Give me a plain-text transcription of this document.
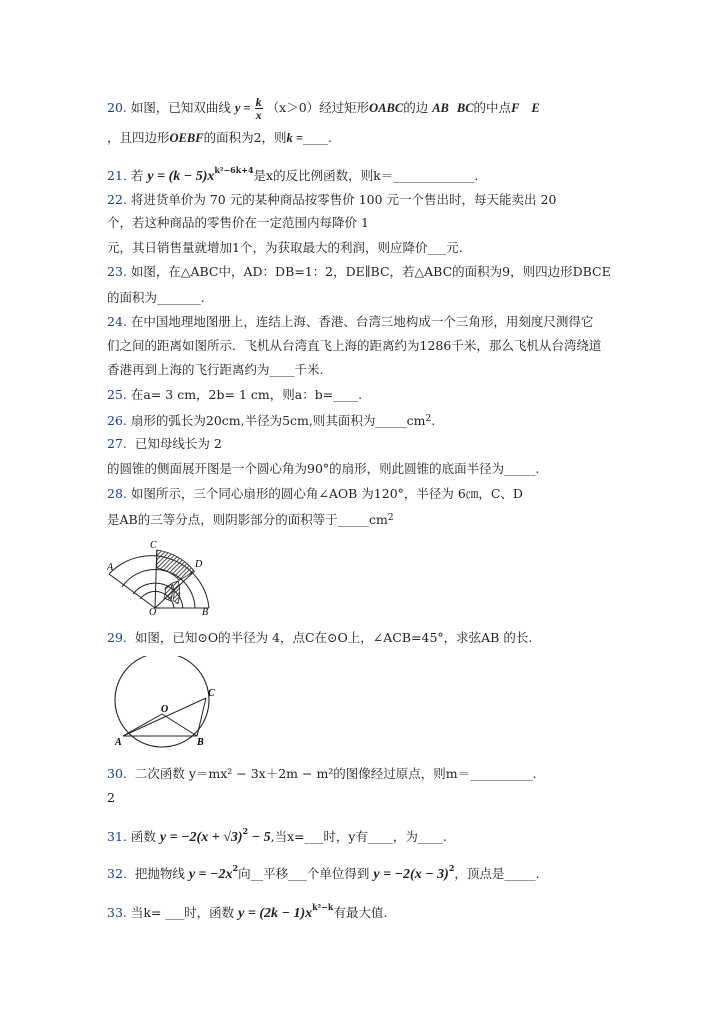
20. 如图，已知双曲线 $y = \frac{k}{x} (x>0)$经过矩形OABC的边 AB BC的中点F E
，且四边形OEBF的面积为2，则k =____.
21. 若 $y = (k - 5)x^{k^2-6k+4}$是x的反比例函数，则k＝_____________.
22. 将进货单价为 70 元的某种商品按零售价 100 元一个售出时，每天能卖出 20
个，若这种商品的零售价在一定范围内每降价 1
元，其日销售量就增加1个，为获取最大的利润，则应降价___元.
23. 如图，在△ABC中，AD：DB=1：2，DE∥BC，若△ABC的面积为9，则四边形DBCE
的面积为_______.
24. 在中国地理地图册上，连结上海、香港、台湾三地构成一个三角形，用刻度尺测得它
们之间的距离如图所示．飞机从台湾直飞上海的距离约为1286千米，那么飞机从台湾绕道
香港再到上海的飞行距离约为____千米.
25. 在a= 3 cm，2b= 1 cm，则a：b=____.
26. 扇形的弧长为20cm,半径为5cm,则其面积为$\_\_\_\_\_cm^2$.
27. 已知母线长为 2
的圆锥的侧面展开图是一个圆心角为90°的扇形，则此圆锥的底面半径为_____.
28. 如图所示，三个同心扇形的圆心角∠AOB 为120°，半径为 6㎝，C、D
是AB的三等分点，则阴影部分的面积等于$\_\_\_\_\_cm^2$
C
D
A
O	B
29. 如图，已知⊙O的半径为 4，点C在⊙O上，∠ACB=45°，求弦AB 的长.
O
C
A	B
30. 二次函数 y＝mx² − 3x＋2m − m²的图像经过原点，则m＝__________.
2
31. 函数 $y = -2(x + √3)^2 - 5$,当x=___时，y有____，为____.
32. 把抛物线 $y = -2x^2$向__平移___个单位得到 $y = -2(x - 3)^2$，顶点是_____.
33. 当k= ___时，函数 $y = (2k - 1)x^{k^2-k}$有最大值.
